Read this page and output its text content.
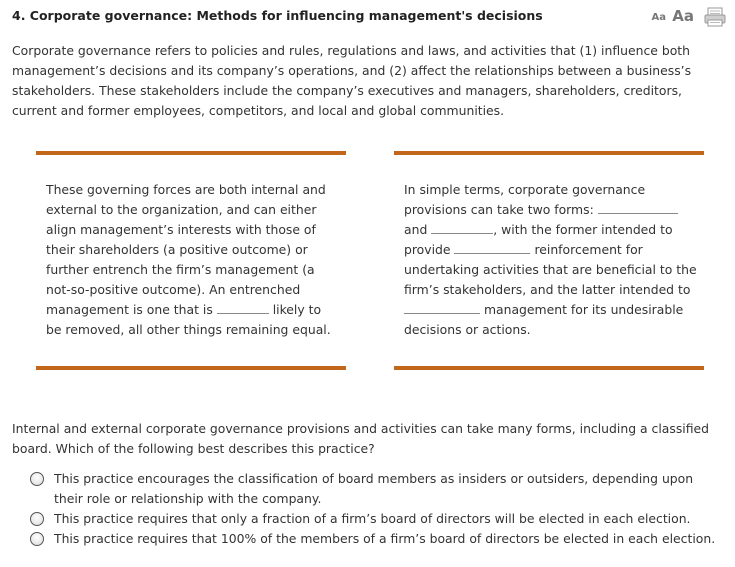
4. Corporate governance: Methods for influencing management's decisions	Aa Aa
Corporate governance refers to policies and rules, regulations and laws, and activities that (1) influence both management’s decisions and its company’s operations, and (2) affect the relationships between a business’s stakeholders. These stakeholders include the company’s executives and managers, shareholders, creditors, current and former employees, competitors, and local and global communities.
These governing forces are both internal and external to the organization, and can either align management’s interests with those of their shareholders (a positive outcome) or further entrench the firm’s management (a not-so-positive outcome). An entrenched management is one that is	likely to be removed, all other things remaining equal.
In simple terms, corporate governance provisions can take two forms:  and	, with the former intended to provide	reinforcement for undertaking activities that are beneficial to the firm’s stakeholders, and the latter intended to  management for its undesirable decisions or actions.
Internal and external corporate governance provisions and activities can take many forms, including a classified board. Which of the following best describes this practice?
This practice encourages the classification of board members as insiders or outsiders, depending upon their role or relationship with the company.
This practice requires that only a fraction of a firm’s board of directors will be elected in each election.
This practice requires that 100% of the members of a firm’s board of directors be elected in each election.
